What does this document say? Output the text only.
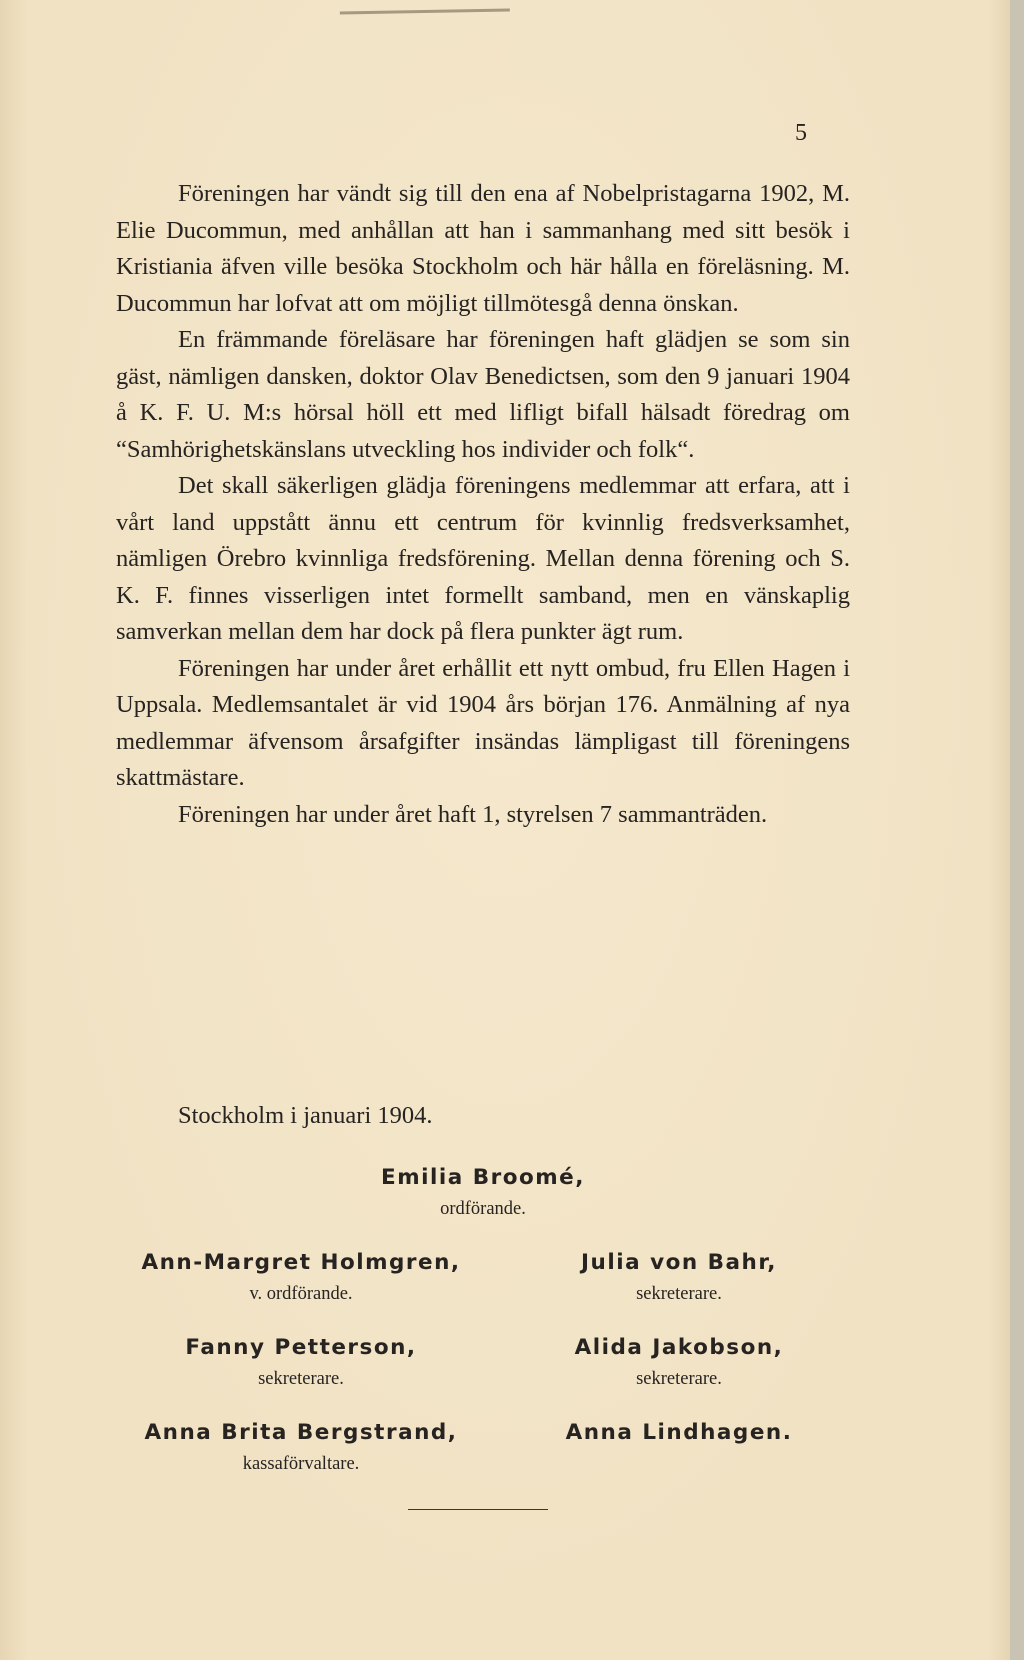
5

Föreningen har vändt sig till den ena af Nobelpristagarna 1902, M. Elie Ducommun, med anhållan att han i sammanhang med sitt besök i Kristiania äfven ville besöka Stockholm och här hålla en föreläsning. M. Ducommun har lofvat att om möjligt tillmötesgå denna önskan.

En främmande föreläsare har föreningen haft glädjen se som sin gäst, nämligen dansken, doktor Olav Benedictsen, som den 9 januari 1904 å K. F. U. M:s hörsal höll ett med lifligt bifall hälsadt föredrag om “Samhörighetskänslans utveckling hos individer och folk“.

Det skall säkerligen glädja föreningens medlemmar att erfara, att i vårt land uppstått ännu ett centrum för kvinnlig fredsverksamhet, nämligen Örebro kvinnliga fredsförening. Mellan denna förening och S. K. F. finnes visserligen intet formellt samband, men en vänskaplig samverkan mellan dem har dock på flera punkter ägt rum.

Föreningen har under året erhållit ett nytt ombud, fru Ellen Hagen i Uppsala. Medlemsantalet är vid 1904 års början 176. Anmälning af nya medlemmar äfvensom årsafgifter insändas lämpligast till föreningens skattmästare.

Föreningen har under året haft 1, styrelsen 7 sammanträden.

Stockholm i januari 1904.
Emilia Broomé,
ordförande.
Ann-Margret Holmgren,
v. ordförande.
Julia von Bahr,
sekreterare.
Fanny Petterson,
sekreterare.
Alida Jakobson,
sekreterare.
Anna Brita Bergstrand,
kassaförvaltare.
Anna Lindhagen.
